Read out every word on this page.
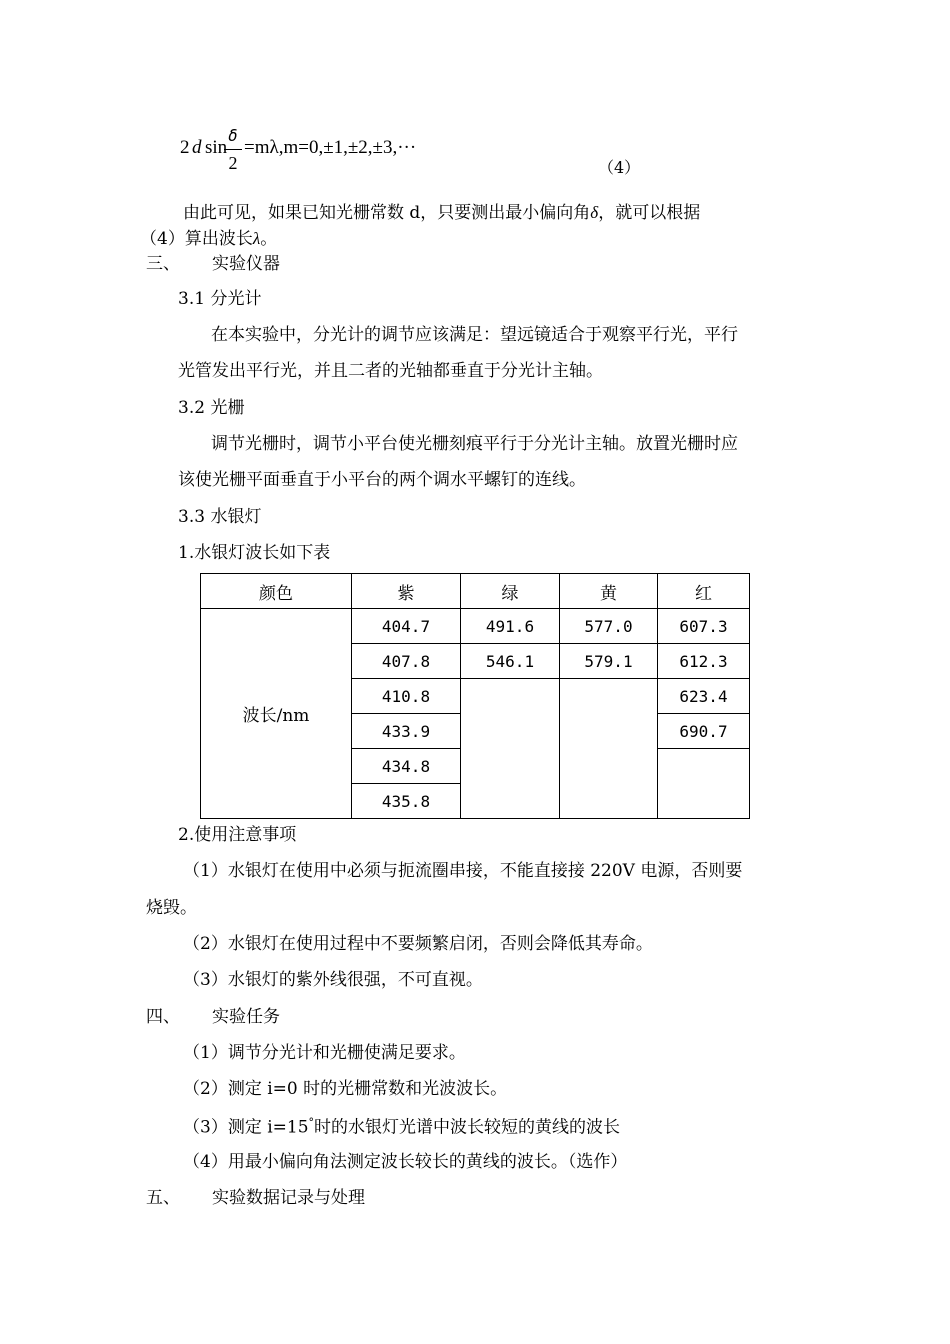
2 d sin
δ
2
=mλ,m=0,±1,±2,±3,···
（4）
由此可见，如果已知光栅常数 d，只要测出最小偏向角δ，就可以根据
（4）算出波长λ。
三、 实验仪器
3.1 分光计
在本实验中，分光计的调节应该满足：望远镜适合于观察平行光，平行
光管发出平行光，并且二者的光轴都垂直于分光计主轴。
3.2 光栅
调节光栅时，调节小平台使光栅刻痕平行于分光计主轴。放置光栅时应
该使光栅平面垂直于小平台的两个调水平螺钉的连线。
3.3 水银灯
1.水银灯波长如下表
颜色	紫	绿	黄	红
波长/nm	404.7	491.6	577.0	607.3
	407.8	546.1	579.1	612.3
	410.8			623.4
	433.9			690.7
	434.8			
	435.8			
2.使用注意事项
（1）水银灯在使用中必须与扼流圈串接，不能直接接 220V 电源，否则要
烧毁。
（2）水银灯在使用过程中不要频繁启闭，否则会降低其寿命。
（3）水银灯的紫外线很强，不可直视。
四、 实验任务
（1）调节分光计和光栅使满足要求。
（2）测定 i=0 时的光栅常数和光波波长。
（3）测定 i=15°时的水银灯光谱中波长较短的黄线的波长
（4）用最小偏向角法测定波长较长的黄线的波长。（选作）
五、 实验数据记录与处理
